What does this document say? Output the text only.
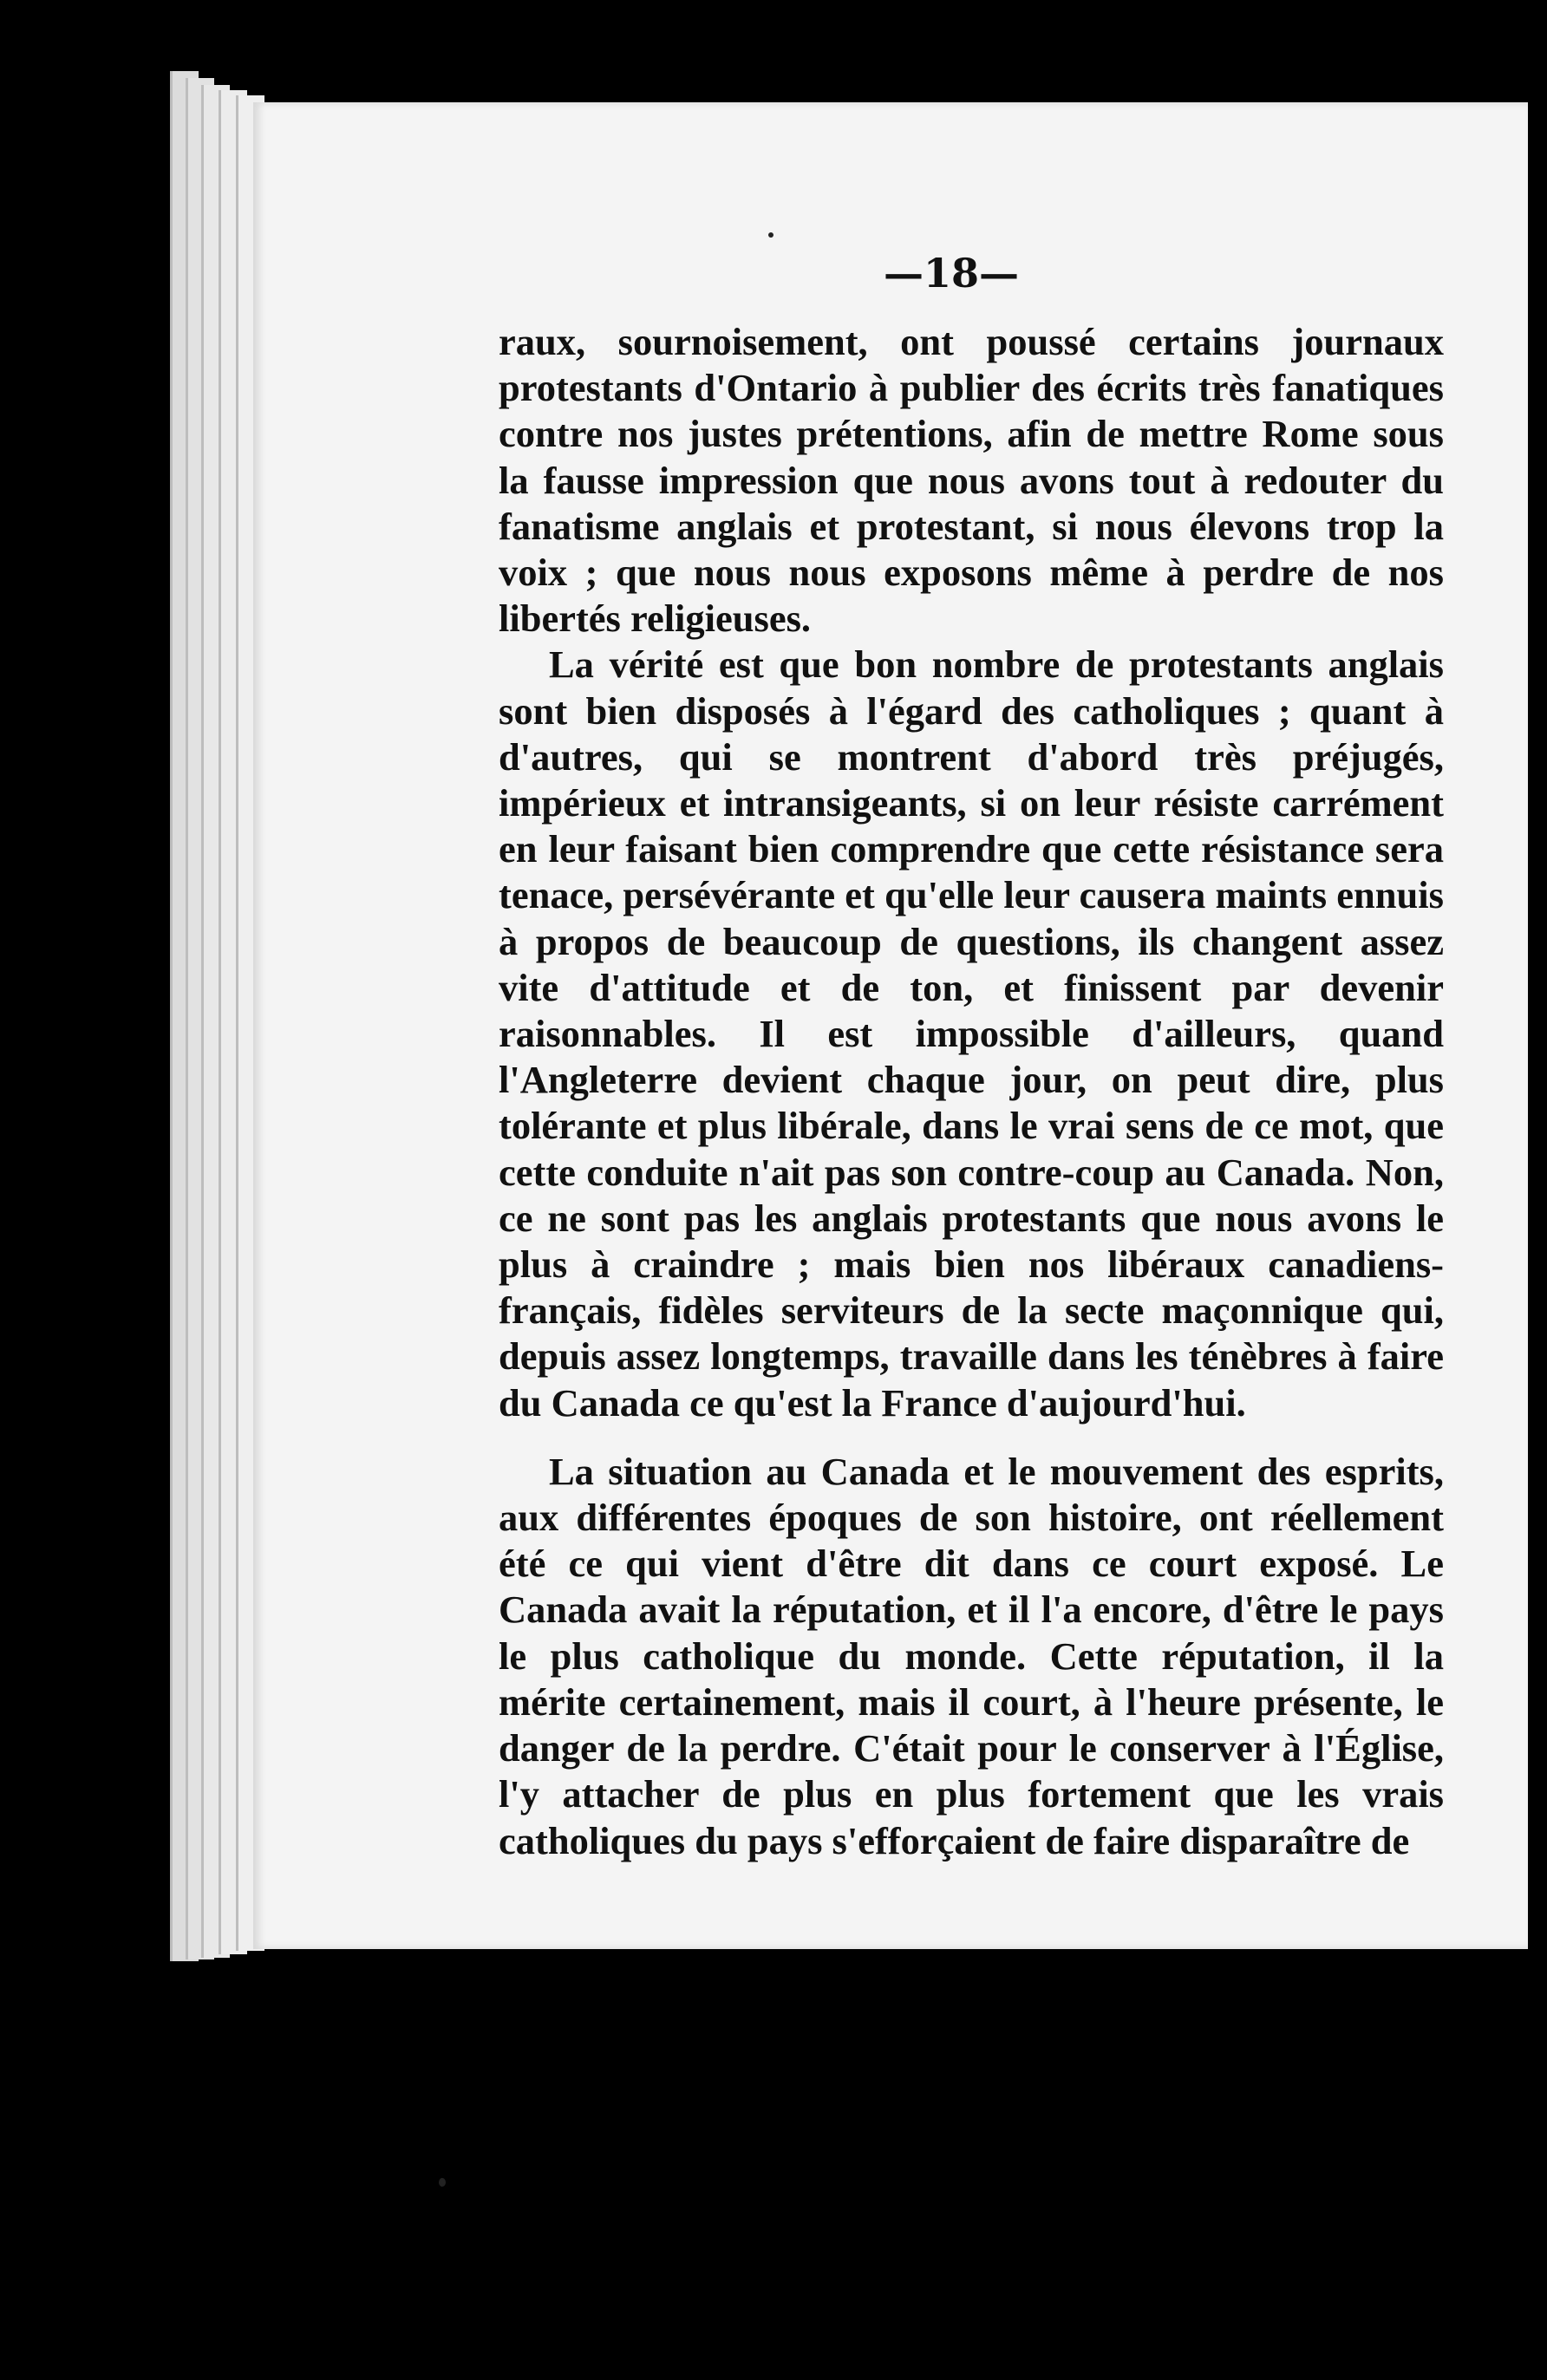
—18—

raux, sournoisement, ont poussé certains journaux protestants d'Ontario à publier des écrits très fanatiques contre nos justes prétentions, afin de mettre Rome sous la fausse impression que nous avons tout à redouter du fanatisme anglais et protestant, si nous élevons trop la voix ; que nous nous exposons même à perdre de nos libertés religieuses.

La vérité est que bon nombre de protestants anglais sont bien disposés à l'égard des catholiques ; quant à d'autres, qui se montrent d'abord très préjugés, impérieux et intransigeants, si on leur résiste carrément en leur faisant bien comprendre que cette résistance sera tenace, persévérante et qu'elle leur causera maints ennuis à propos de beaucoup de questions, ils changent assez vite d'attitude et de ton, et finissent par devenir raisonnables. Il est impossible d'ailleurs, quand l'Angleterre devient chaque jour, on peut dire, plus tolérante et plus libérale, dans le vrai sens de ce mot, que cette conduite n'ait pas son contre-coup au Canada. Non, ce ne sont pas les anglais protestants que nous avons le plus à craindre ; mais bien nos libéraux canadiens-français, fidèles serviteurs de la secte maçonnique qui, depuis assez longtemps, travaille dans les ténèbres à faire du Canada ce qu'est la France d'aujourd'hui.

La situation au Canada et le mouvement des esprits, aux différentes époques de son histoire, ont réellement été ce qui vient d'être dit dans ce court exposé. Le Canada avait la réputation, et il l'a encore, d'être le pays le plus catholique du monde. Cette réputation, il la mérite certainement, mais il court, à l'heure présente, le danger de la perdre. C'était pour le conserver à l'Église, l'y attacher de plus en plus fortement que les vrais catholiques du pays s'efforçaient de faire disparaître de
